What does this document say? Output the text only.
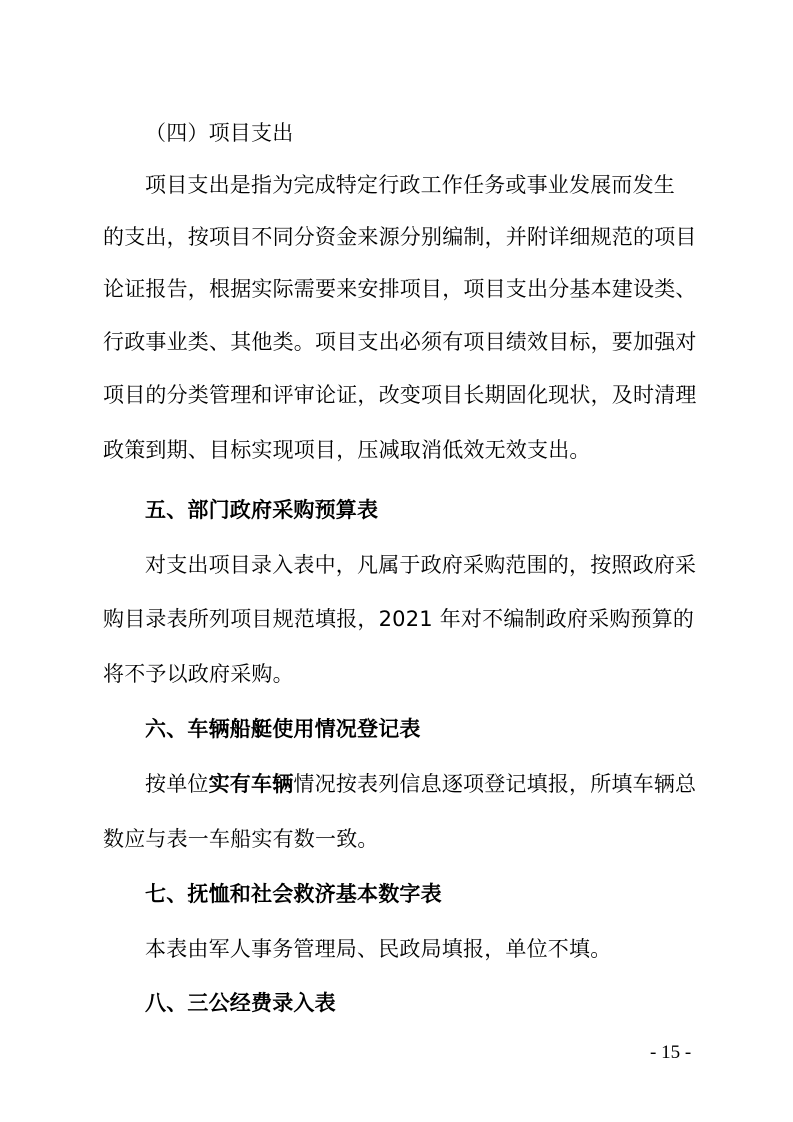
（四）项目支出
项目支出是指为完成特定行政工作任务或事业发展而发生
的支出，按项目不同分资金来源分别编制，并附详细规范的项目
论证报告，根据实际需要来安排项目，项目支出分基本建设类、
行政事业类、其他类。项目支出必须有项目绩效目标，要加强对
项目的分类管理和评审论证，改变项目长期固化现状，及时清理
政策到期、目标实现项目，压减取消低效无效支出。
五、部门政府采购预算表
对支出项目录入表中，凡属于政府采购范围的，按照政府采
购目录表所列项目规范填报，2021 年对不编制政府采购预算的
将不予以政府采购。
六、车辆船艇使用情况登记表
按单位实有车辆情况按表列信息逐项登记填报，所填车辆总
数应与表一车船实有数一致。
七、抚恤和社会救济基本数字表
本表由军人事务管理局、民政局填报，单位不填。
八、三公经费录入表
- 15 -
